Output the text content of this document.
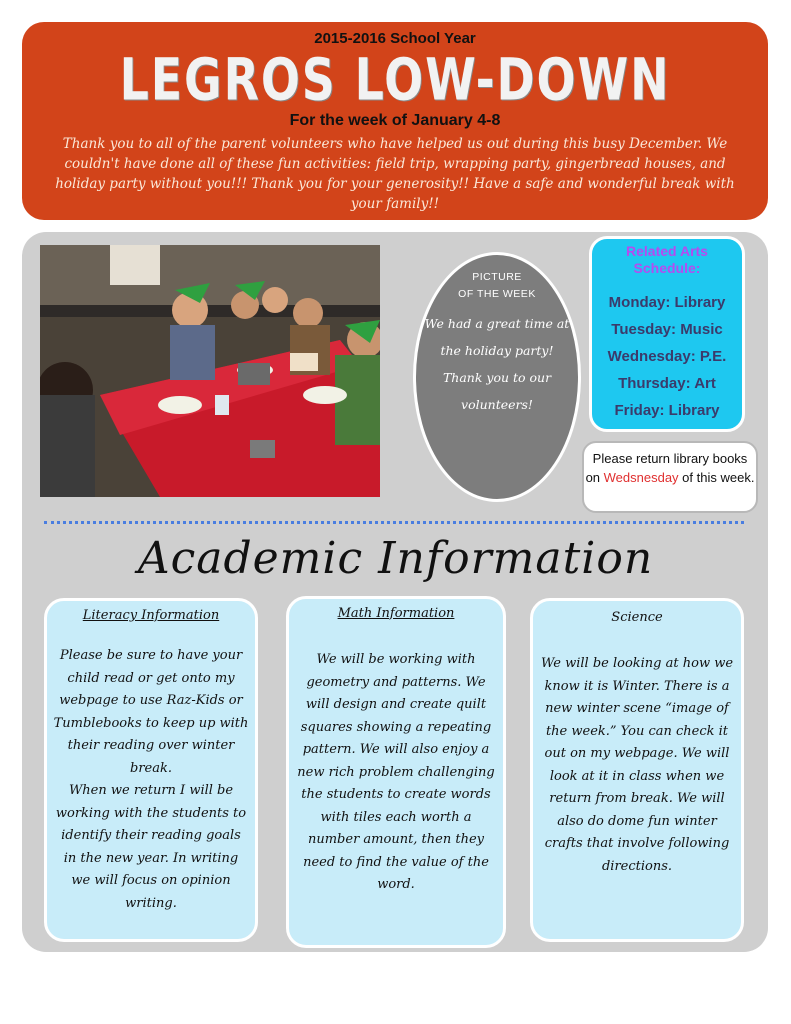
2015-2016 School Year
LEGROS LOW-DOWN
For the week of January 4-8
Thank you to all of the parent volunteers who have helped us out during this busy December. We couldn't have done all of these fun activities: field trip, wrapping party, gingerbread houses, and holiday party without you!!! Thank you for your generosity!! Have a safe and wonderful break with your family!!
PICTURE
OF THE WEEK
We had a great time at the holiday party! Thank you to our volunteers!
Related Arts Schedule:
Monday: Library
Tuesday: Music
Wednesday: P.E.
Thursday: Art
Friday: Library
Please return library books on Wedsnesday of this week.
Academic Information
Literacy Information
Please be sure to have your child read or get onto my webpage to use Raz-Kids or Tumblebooks to keep up with their reading over winter break.
When we return I will be working with the students to identify their reading goals in the new year. In writing we will focus on opinion writing.
Math Information
We will be working with geometry and patterns. We will design and create quilt squares showing a repeating pattern. We will also enjoy a new rich problem challenging the students to create words with tiles each worth a number amount, then they need to find the value of the word.
Science
We will be looking at how we know it is Winter. There is a new winter scene “image of the week.” You can check it out on my webpage. We will look at it in class when we return from break. We will also do dome fun winter crafts that involve following directions.
